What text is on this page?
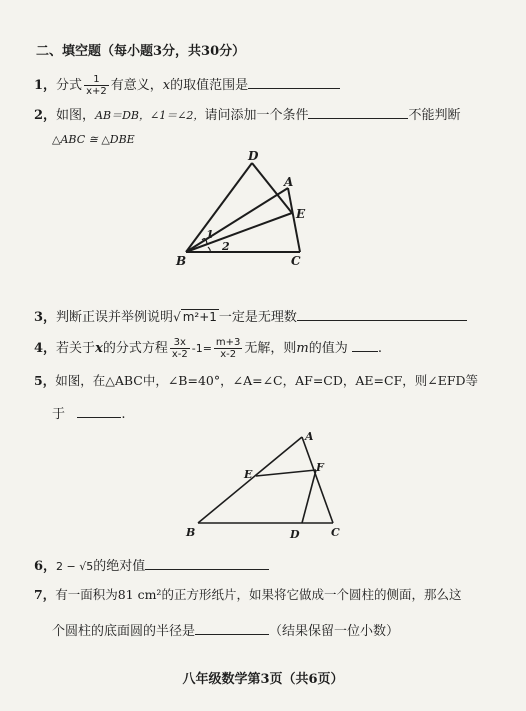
二、填空题（每小题3分，共30分）
1，分式 $\frac{1}{x+2}$ 有意义，x的取值范围是
2，如图，AB＝DB，∠1＝∠2，请问添加一个条件	不能判断
△ABC ≅ △DBE
D
A
E
B	C
1
2
A
E
F
B	D	C
3，判断正误并举例说明√ m²+1 一定是无理数
4，若关于x的分式方程 $\frac{3x}{x-2} -1= \frac{m+3}{x-2}$ 无解，则m的值为 .
5，如图，在△ABC中，∠B=40°，∠A=∠C，AF=CD，AE=CF，则∠EFD等
于	.
6，2 − √5的绝对值
7，有一面积为81 cm²的正方形纸片，如果将它做成一个圆柱的侧面，那么这
个圆柱的底面圆的半径是	（结果保留一位小数）
八年级数学第3页（共6页）
